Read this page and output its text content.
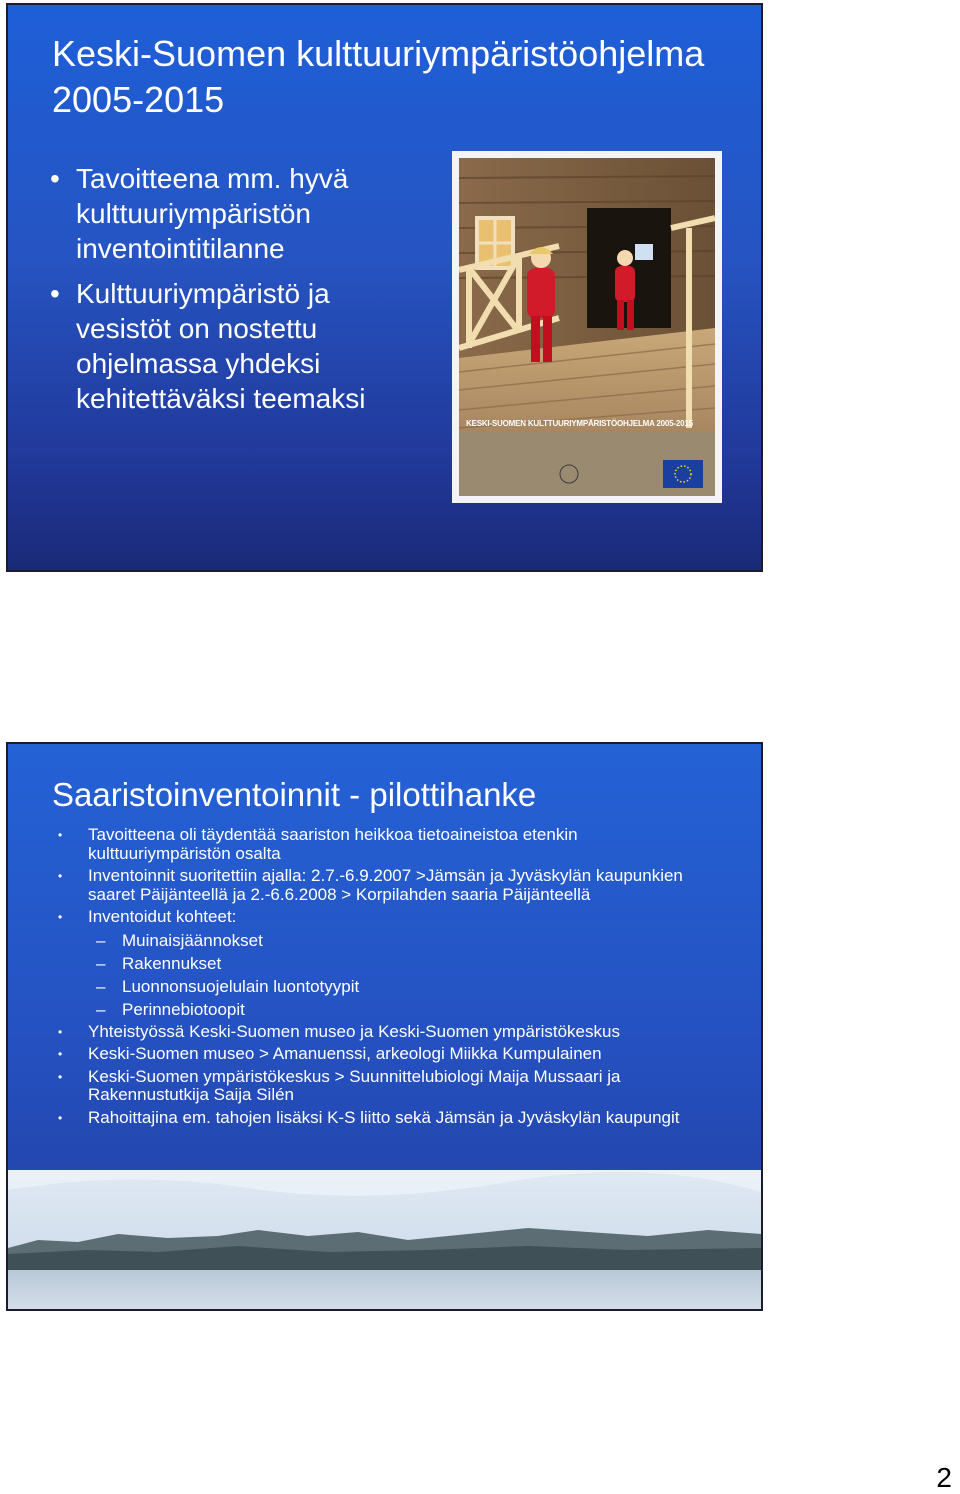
Keski-Suomen kulttuuriympäristöohjelma 2005-2015
• Tavoitteena mm. hyvä kulttuuriympäristön inventointitilanne
• Kulttuuriympäristö ja vesistöt on nostettu ohjelmassa yhdeksi kehitettäväksi teemaksi
KESKI-SUOMEN KULTTUURIYMPÄRISTÖOHJELMA 2005-2015
Saaristoinventoinnit - pilottihanke
• Tavoitteena oli täydentää saariston heikkoa tietoaineistoa etenkin kulttuuriympäristön osalta
• Inventoinnit suoritettiin ajalla: 2.7.-6.9.2007 >Jämsän ja Jyväskylän kaupunkien saaret Päijänteellä ja 2.-6.6.2008 > Korpilahden saaria Päijänteellä
• Inventoidut kohteet:
– Muinaisjäännokset
– Rakennukset
– Luonnonsuojelulain luontotyypit
– Perinnebiotoopit
• Yhteistyössä Keski-Suomen museo ja Keski-Suomen ympäristökeskus
• Keski-Suomen museo > Amanuenssi, arkeologi Miikka Kumpulainen
• Keski-Suomen ympäristökeskus > Suunnittelubiologi Maija Mussaari ja Rakennustutkija Saija Silén
• Rahoittajina em. tahojen lisäksi K-S liitto sekä Jämsän ja Jyväskylän kaupungit
2
